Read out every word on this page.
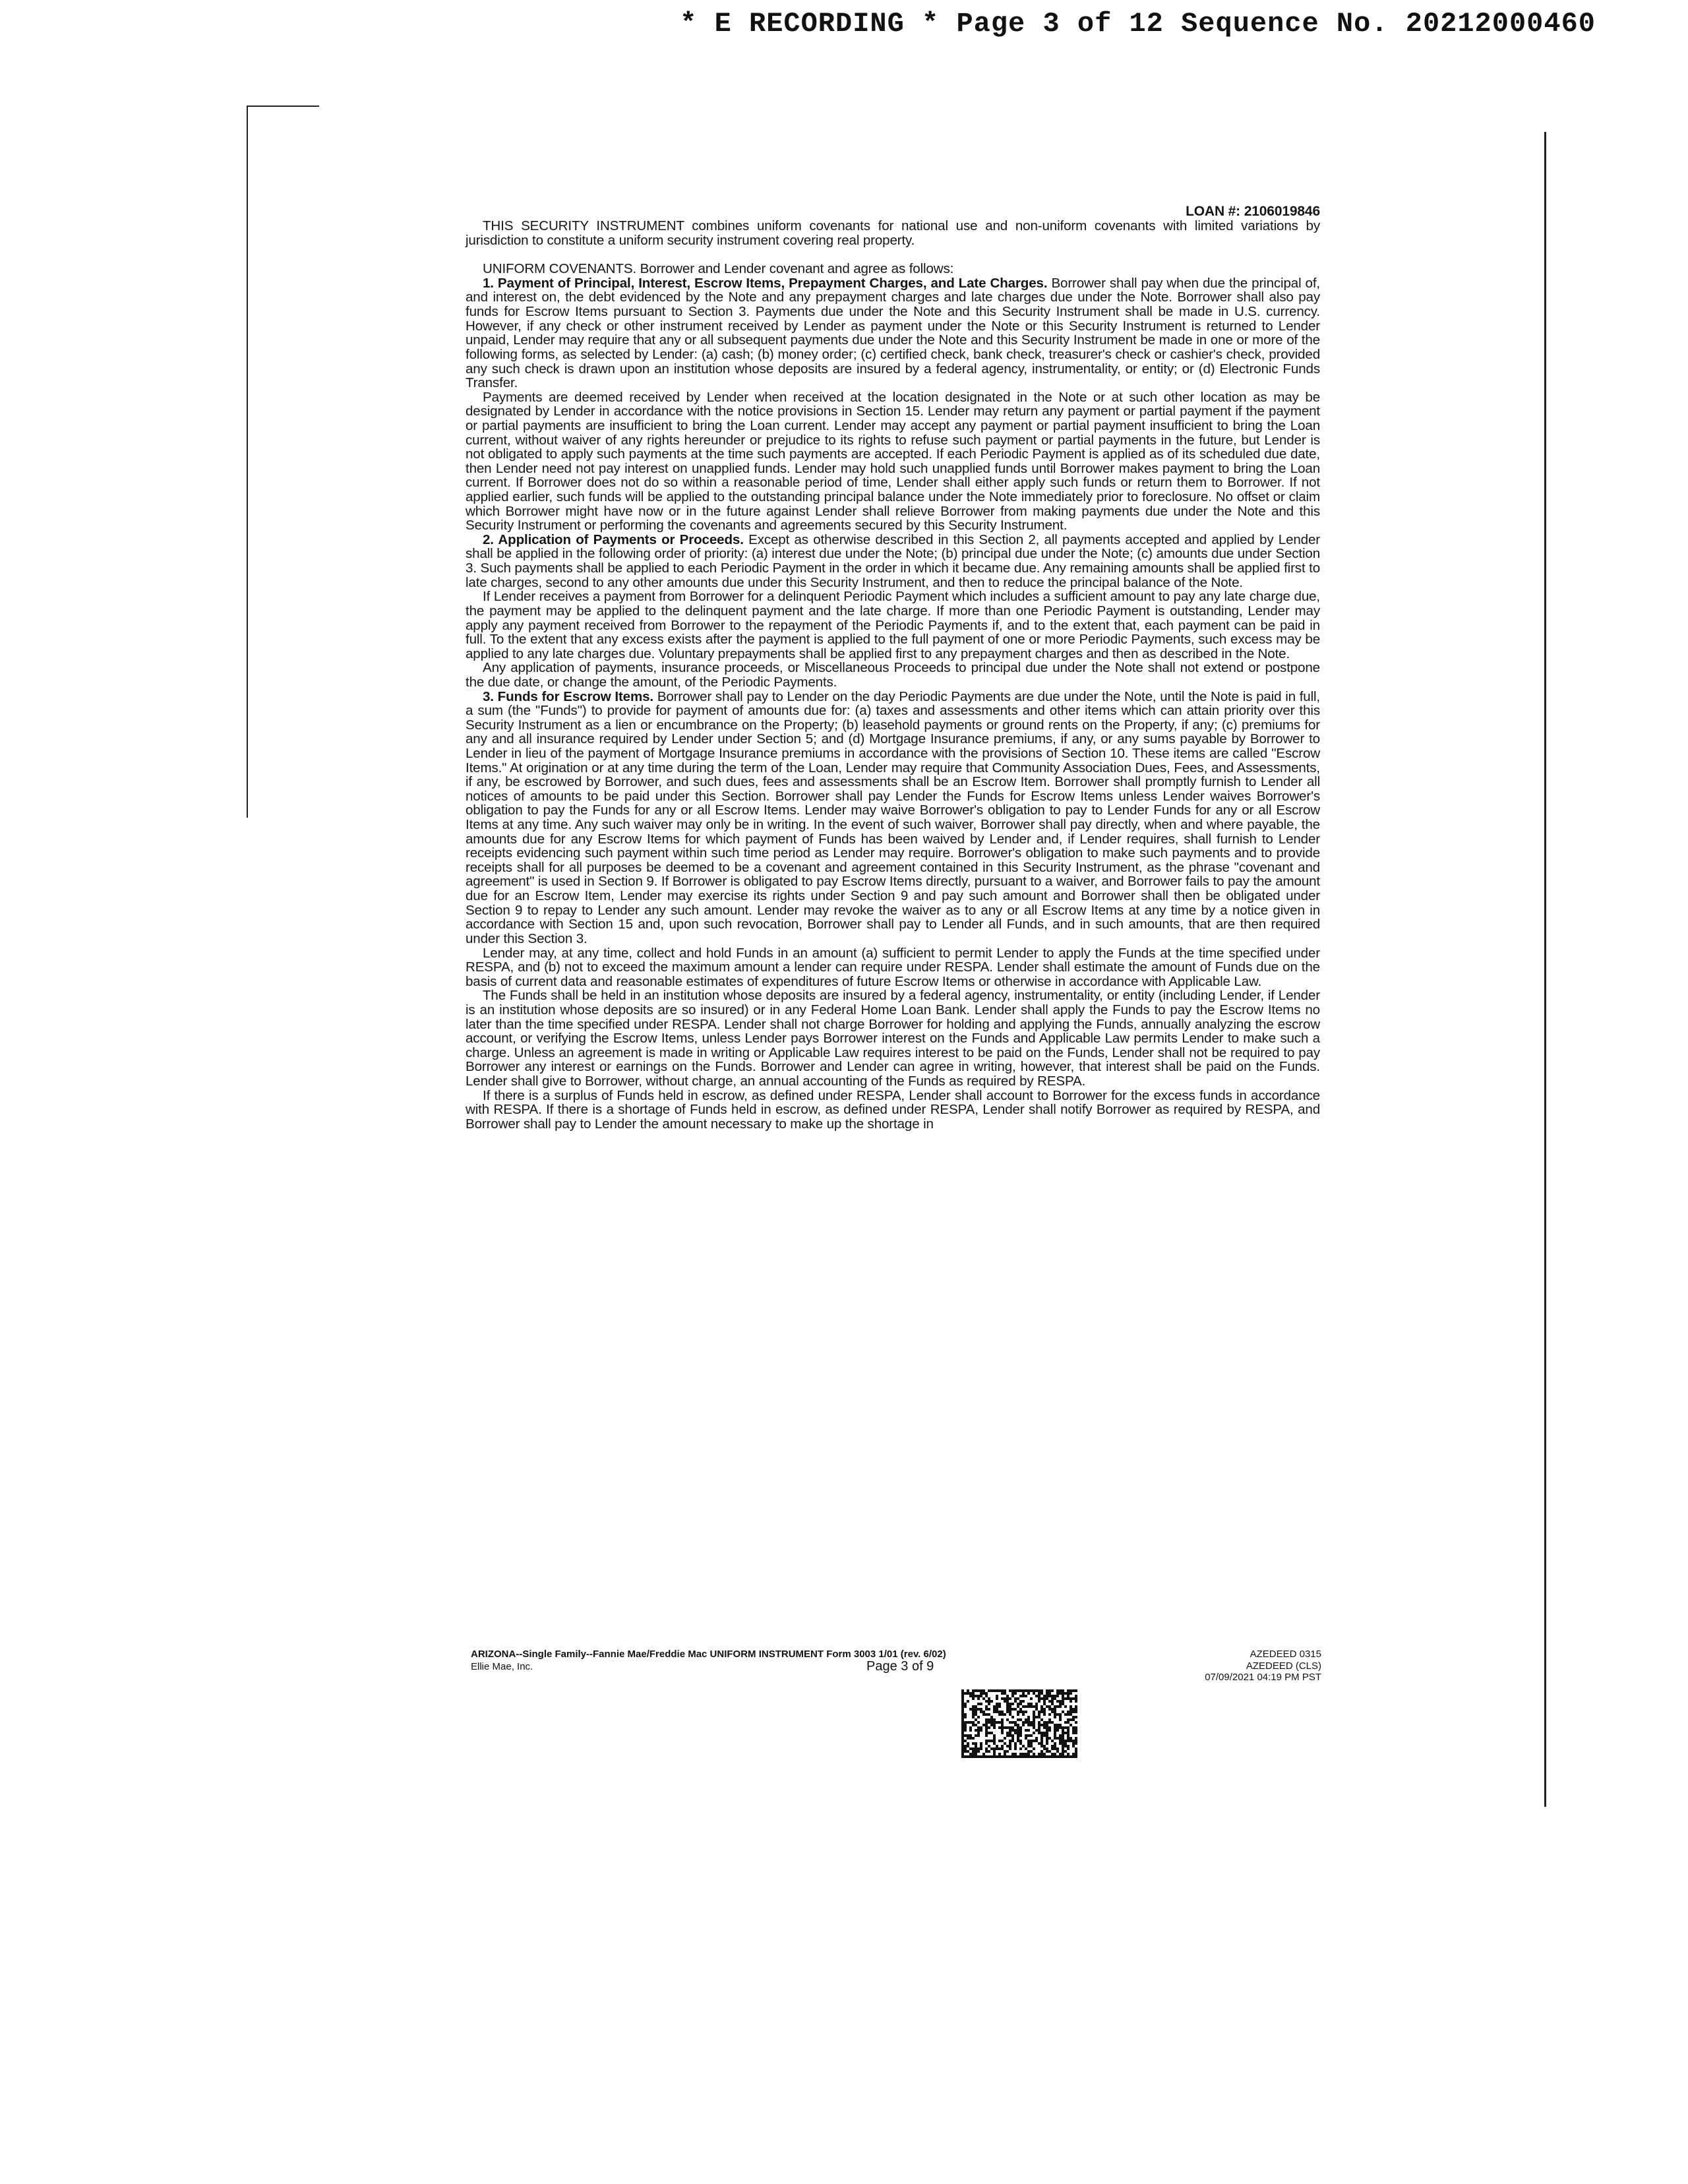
* E RECORDING * Page 3 of 12 Sequence No. 20212000460
LOAN #: 2106019846

THIS SECURITY INSTRUMENT combines uniform covenants for national use and non-uniform covenants with limited variations by jurisdiction to constitute a uniform security instrument covering real property.

UNIFORM COVENANTS. Borrower and Lender covenant and agree as follows:

1. Payment of Principal, Interest, Escrow Items, Prepayment Charges, and Late Charges. Borrower shall pay when due the principal of, and interest on, the debt evidenced by the Note and any prepayment charges and late charges due under the Note. Borrower shall also pay funds for Escrow Items pursuant to Section 3. Payments due under the Note and this Security Instrument shall be made in U.S. currency. However, if any check or other instrument received by Lender as payment under the Note or this Security Instrument is returned to Lender unpaid, Lender may require that any or all subsequent payments due under the Note and this Security Instrument be made in one or more of the following forms, as selected by Lender: (a) cash; (b) money order; (c) certified check, bank check, treasurer's check or cashier's check, provided any such check is drawn upon an institution whose deposits are insured by a federal agency, instrumentality, or entity; or (d) Electronic Funds Transfer.

Payments are deemed received by Lender when received at the location designated in the Note or at such other location as may be designated by Lender in accordance with the notice provisions in Section 15. Lender may return any payment or partial payment if the payment or partial payments are insufficient to bring the Loan current. Lender may accept any payment or partial payment insufficient to bring the Loan current, without waiver of any rights hereunder or prejudice to its rights to refuse such payment or partial payments in the future, but Lender is not obligated to apply such payments at the time such payments are accepted. If each Periodic Payment is applied as of its scheduled due date, then Lender need not pay interest on unapplied funds. Lender may hold such unapplied funds until Borrower makes payment to bring the Loan current. If Borrower does not do so within a reasonable period of time, Lender shall either apply such funds or return them to Borrower. If not applied earlier, such funds will be applied to the outstanding principal balance under the Note immediately prior to foreclosure. No offset or claim which Borrower might have now or in the future against Lender shall relieve Borrower from making payments due under the Note and this Security Instrument or performing the covenants and agreements secured by this Security Instrument.

2. Application of Payments or Proceeds. Except as otherwise described in this Section 2, all payments accepted and applied by Lender shall be applied in the following order of priority: (a) interest due under the Note; (b) principal due under the Note; (c) amounts due under Section 3. Such payments shall be applied to each Periodic Payment in the order in which it became due. Any remaining amounts shall be applied first to late charges, second to any other amounts due under this Security Instrument, and then to reduce the principal balance of the Note.

If Lender receives a payment from Borrower for a delinquent Periodic Payment which includes a sufficient amount to pay any late charge due, the payment may be applied to the delinquent payment and the late charge. If more than one Periodic Payment is outstanding, Lender may apply any payment received from Borrower to the repayment of the Periodic Payments if, and to the extent that, each payment can be paid in full. To the extent that any excess exists after the payment is applied to the full payment of one or more Periodic Payments, such excess may be applied to any late charges due. Voluntary prepayments shall be applied first to any prepayment charges and then as described in the Note.

Any application of payments, insurance proceeds, or Miscellaneous Proceeds to principal due under the Note shall not extend or postpone the due date, or change the amount, of the Periodic Payments.

3. Funds for Escrow Items. Borrower shall pay to Lender on the day Periodic Payments are due under the Note, until the Note is paid in full, a sum (the "Funds") to provide for payment of amounts due for: (a) taxes and assessments and other items which can attain priority over this Security Instrument as a lien or encumbrance on the Property; (b) leasehold payments or ground rents on the Property, if any; (c) premiums for any and all insurance required by Lender under Section 5; and (d) Mortgage Insurance premiums, if any, or any sums payable by Borrower to Lender in lieu of the payment of Mortgage Insurance premiums in accordance with the provisions of Section 10. These items are called "Escrow Items." At origination or at any time during the term of the Loan, Lender may require that Community Association Dues, Fees, and Assessments, if any, be escrowed by Borrower, and such dues, fees and assessments shall be an Escrow Item. Borrower shall promptly furnish to Lender all notices of amounts to be paid under this Section. Borrower shall pay Lender the Funds for Escrow Items unless Lender waives Borrower's obligation to pay the Funds for any or all Escrow Items. Lender may waive Borrower's obligation to pay to Lender Funds for any or all Escrow Items at any time. Any such waiver may only be in writing. In the event of such waiver, Borrower shall pay directly, when and where payable, the amounts due for any Escrow Items for which payment of Funds has been waived by Lender and, if Lender requires, shall furnish to Lender receipts evidencing such payment within such time period as Lender may require. Borrower's obligation to make such payments and to provide receipts shall for all purposes be deemed to be a covenant and agreement contained in this Security Instrument, as the phrase "covenant and agreement" is used in Section 9. If Borrower is obligated to pay Escrow Items directly, pursuant to a waiver, and Borrower fails to pay the amount due for an Escrow Item, Lender may exercise its rights under Section 9 and pay such amount and Borrower shall then be obligated under Section 9 to repay to Lender any such amount. Lender may revoke the waiver as to any or all Escrow Items at any time by a notice given in accordance with Section 15 and, upon such revocation, Borrower shall pay to Lender all Funds, and in such amounts, that are then required under this Section 3.

Lender may, at any time, collect and hold Funds in an amount (a) sufficient to permit Lender to apply the Funds at the time specified under RESPA, and (b) not to exceed the maximum amount a lender can require under RESPA. Lender shall estimate the amount of Funds due on the basis of current data and reasonable estimates of expenditures of future Escrow Items or otherwise in accordance with Applicable Law.

The Funds shall be held in an institution whose deposits are insured by a federal agency, instrumentality, or entity (including Lender, if Lender is an institution whose deposits are so insured) or in any Federal Home Loan Bank. Lender shall apply the Funds to pay the Escrow Items no later than the time specified under RESPA. Lender shall not charge Borrower for holding and applying the Funds, annually analyzing the escrow account, or verifying the Escrow Items, unless Lender pays Borrower interest on the Funds and Applicable Law permits Lender to make such a charge. Unless an agreement is made in writing or Applicable Law requires interest to be paid on the Funds, Lender shall not be required to pay Borrower any interest or earnings on the Funds. Borrower and Lender can agree in writing, however, that interest shall be paid on the Funds. Lender shall give to Borrower, without charge, an annual accounting of the Funds as required by RESPA.

If there is a surplus of Funds held in escrow, as defined under RESPA, Lender shall account to Borrower for the excess funds in accordance with RESPA. If there is a shortage of Funds held in escrow, as defined under RESPA, Lender shall notify Borrower as required by RESPA, and Borrower shall pay to Lender the amount necessary to make up the shortage in

ARIZONA--Single Family--Fannie Mae/Freddie Mac UNIFORM INSTRUMENT Form 3003 1/01 (rev. 6/02)
Ellie Mae, Inc.	Page 3 of 9
AZEDEED 0315
AZEDEED (CLS)
07/09/2021 04:19 PM PST
